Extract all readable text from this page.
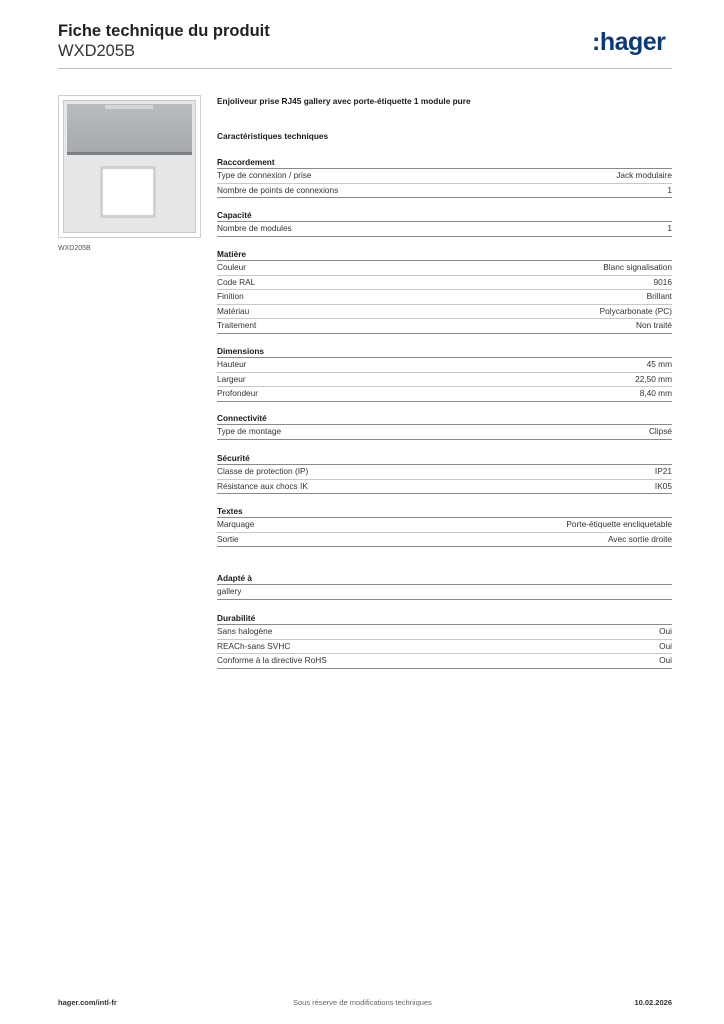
Fiche technique du produit
WXD205B	:hager
WXD205B
Enjoliveur prise RJ45 gallery avec porte-étiquette 1 module pure
Caractéristiques techniques
Raccordement
Type de connexion / prise	Jack modulaire
Nombre de points de connexions	1
Capacité
Nombre de modules	1
Matière
Couleur	Blanc signalisation
Code RAL	9016
Finition	Brillant
Matériau	Polycarbonate (PC)
Traitement	Non traité
Dimensions
Hauteur	45 mm
Largeur	22,50 mm
Profondeur	8,40 mm
Connectivité
Type de montage	Clipsé
Sécurité
Classe de protection (IP)	IP21
Résistance aux chocs IK	IK05
Textes
Marquage	Porte-étiquette encliquetable
Sortie	Avec sortie droite
Adapté à
gallery
Durabilité
Sans halogène	Oui
REACh-sans SVHC	Oui
Conforme à la directive RoHS	Oui
hager.com/intl-fr	Sous réserve de modifications techniques	10.02.2026
